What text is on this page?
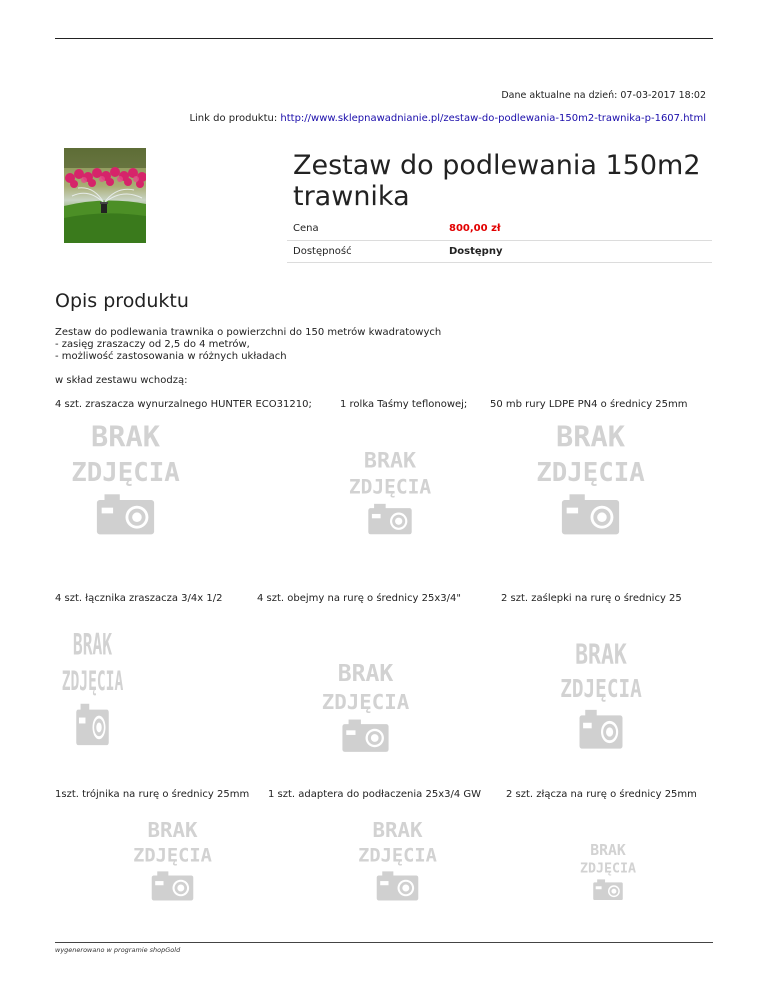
Dane aktualne na dzień: 07-03-2017 18:02
Link do produktu: http://www.sklepnawadnianie.pl/zestaw-do-podlewania-150m2-trawnika-p-1607.html
Zestaw do podlewania 150m2 trawnika
Cena	800,00 zł
Dostępność	Dostępny
Opis produktu
Zestaw do podlewania trawnika o powierzchni do 150 metrów kwadratowych
- zasięg zraszaczy od 2,5 do 4 metrów,
- możliwość zastosowania w różnych układach
w skład zestawu wchodzą:
4 szt. zraszacza wynurzalnego HUNTER ECO31210;	1 rolka Taśmy teflonowej; 50 mb rury LDPE PN4 o średnicy 25mm
4 szt. łącznika zraszacza 3/4x 1/2	4 szt. obejmy na rurę o średnicy 25x3/4"	2 szt. zaślepki na rurę o średnicy 25
1szt. trójnika na rurę o średnicy 25mm 1 szt. adaptera do podłaczenia 25x3/4 GW 2 szt. złącza na rurę o średnicy 25mm
BRAK
ZDJĘCIA	BRAK
ZDJĘCIA
BRAK
ZDJĘCIA
BRAK
ZDJĘCIA	BRAK
ZDJĘCIA
BRAK
ZDJĘCIA
BRAK
ZDJĘCIA
BRAK
ZDJĘCIA	BRAK
ZDJĘCIA
wygenerowano w programie shopGold
